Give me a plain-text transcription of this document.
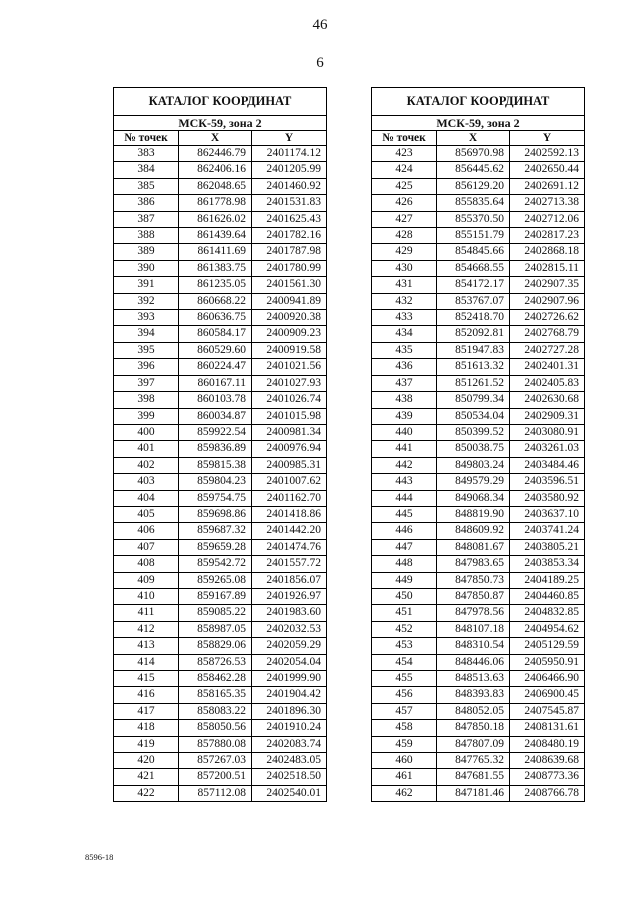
46
6
КАТАЛОГ КООРДИНАТ		
МСК-59, зона 2		
№ точек	X	Y
383	862446.79	2401174.12
384	862406.16	2401205.99
385	862048.65	2401460.92
386	861778.98	2401531.83
387	861626.02	2401625.43
388	861439.64	2401782.16
389	861411.69	2401787.98
390	861383.75	2401780.99
391	861235.05	2401561.30
392	860668.22	2400941.89
393	860636.75	2400920.38
394	860584.17	2400909.23
395	860529.60	2400919.58
396	860224.47	2401021.56
397	860167.11	2401027.93
398	860103.78	2401026.74
399	860034.87	2401015.98
400	859922.54	2400981.34
401	859836.89	2400976.94
402	859815.38	2400985.31
403	859804.23	2401007.62
404	859754.75	2401162.70
405	859698.86	2401418.86
406	859687.32	2401442.20
407	859659.28	2401474.76
408	859542.72	2401557.72
409	859265.08	2401856.07
410	859167.89	2401926.97
411	859085.22	2401983.60
412	858987.05	2402032.53
413	858829.06	2402059.29
414	858726.53	2402054.04
415	858462.28	2401999.90
416	858165.35	2401904.42
417	858083.22	2401896.30
418	858050.56	2401910.24
419	857880.08	2402083.74
420	857267.03	2402483.05
421	857200.51	2402518.50
422	857112.08	2402540.01
КАТАЛОГ КООРДИНАТ		
МСК-59, зона 2		
№ точек	X	Y
423	856970.98	2402592.13
424	856445.62	2402650.44
425	856129.20	2402691.12
426	855835.64	2402713.38
427	855370.50	2402712.06
428	855151.79	2402817.23
429	854845.66	2402868.18
430	854668.55	2402815.11
431	854172.17	2402907.35
432	853767.07	2402907.96
433	852418.70	2402726.62
434	852092.81	2402768.79
435	851947.83	2402727.28
436	851613.32	2402401.31
437	851261.52	2402405.83
438	850799.34	2402630.68
439	850534.04	2402909.31
440	850399.52	2403080.91
441	850038.75	2403261.03
442	849803.24	2403484.46
443	849579.29	2403596.51
444	849068.34	2403580.92
445	848819.90	2403637.10
446	848609.92	2403741.24
447	848081.67	2403805.21
448	847983.65	2403853.34
449	847850.73	2404189.25
450	847850.87	2404460.85
451	847978.56	2404832.85
452	848107.18	2404954.62
453	848310.54	2405129.59
454	848446.06	2405950.91
455	848513.63	2406466.90
456	848393.83	2406900.45
457	848052.05	2407545.87
458	847850.18	2408131.61
459	847807.09	2408480.19
460	847765.32	2408639.68
461	847681.55	2408773.36
462	847181.46	2408766.78
8596-18
